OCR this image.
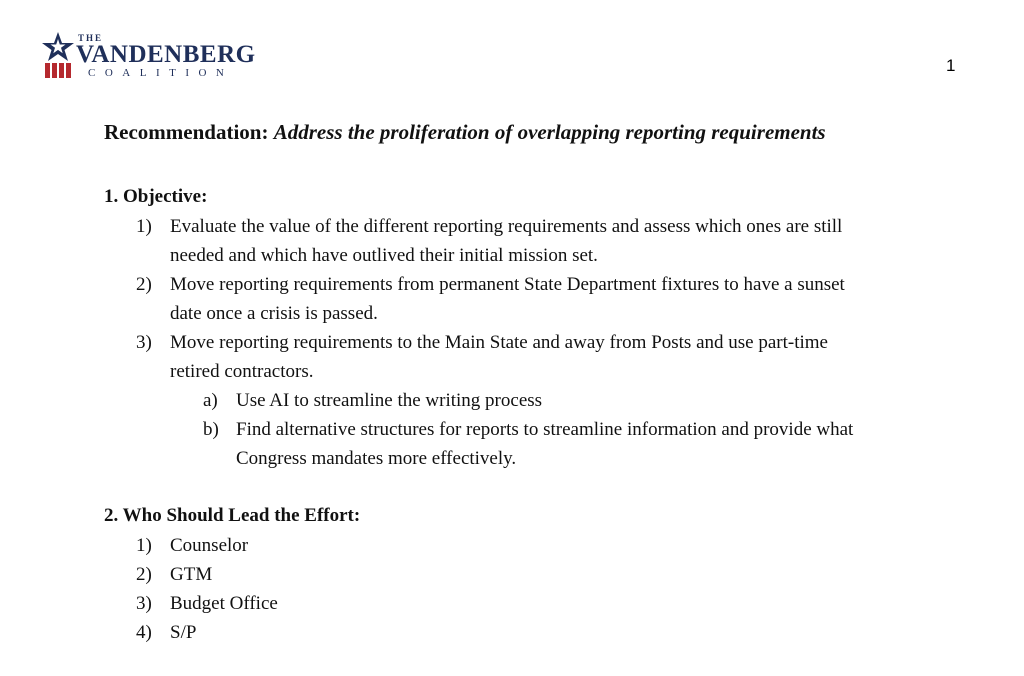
THE
VANDENBERG
COALITION	1
Recommendation: Address the proliferation of overlapping reporting requirements
1. Objective:
1) Evaluate the value of the different reporting requirements and assess which ones are still
needed and which have outlived their initial mission set.
2) Move reporting requirements from permanent State Department fixtures to have a sunset
date once a crisis is passed.
3) Move reporting requirements to the Main State and away from Posts and use part-time
retired contractors.
a) Use AI to streamline the writing process
b) Find alternative structures for reports to streamline information and provide what
Congress mandates more effectively.
2. Who Should Lead the Effort:
1) Counselor
2) GTM
3) Budget Office
4) S/P
